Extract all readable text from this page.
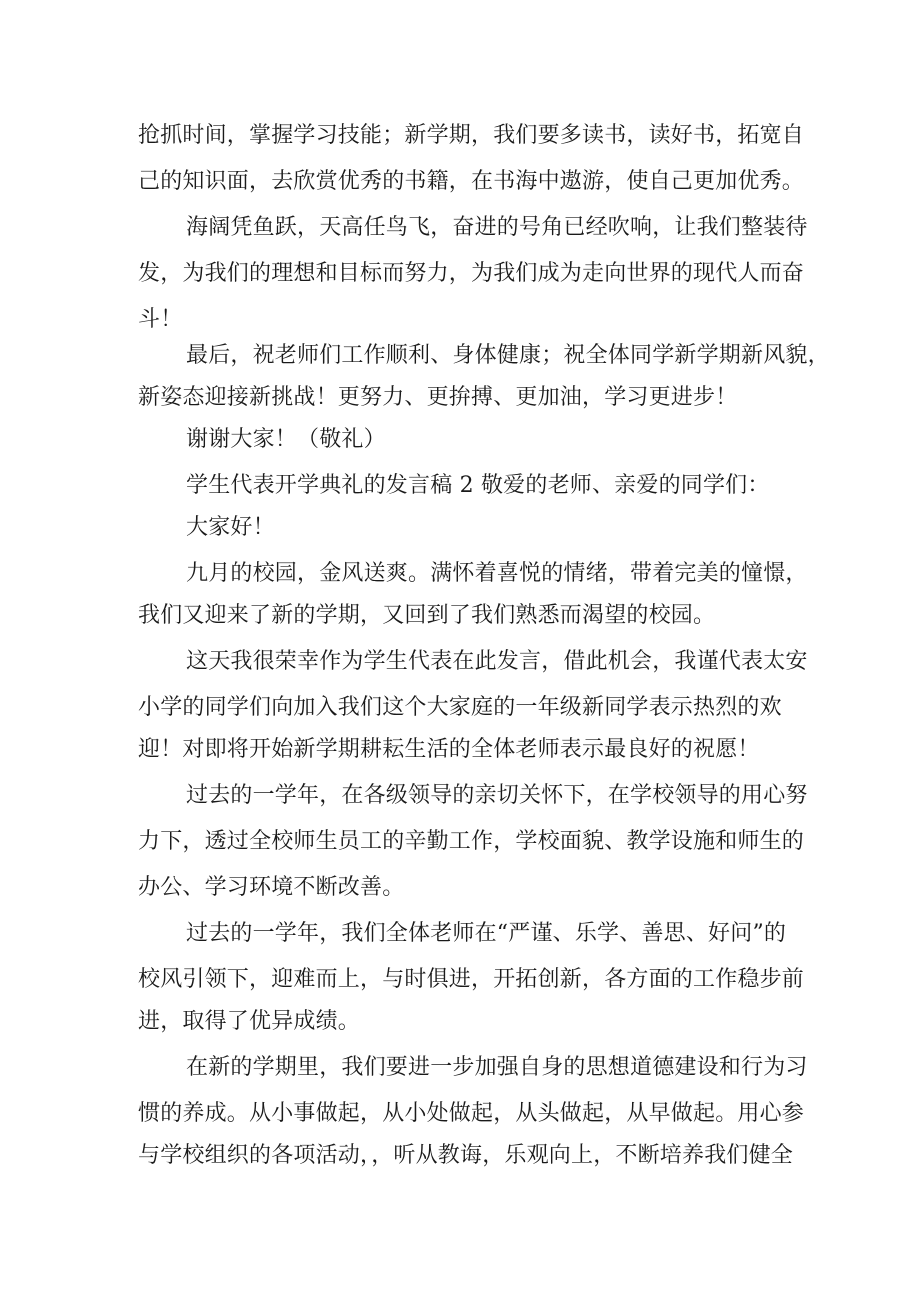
抢抓时间，掌握学习技能；新学期，我们要多读书，读好书，拓宽自
己的知识面，去欣赏优秀的书籍，在书海中遨游，使自己更加优秀。
海阔凭鱼跃，天高任鸟飞，奋进的号角已经吹响，让我们整装待
发，为我们的理想和目标而努力，为我们成为走向世界的现代人而奋
斗！
最后，祝老师们工作顺利、身体健康；祝全体同学新学期新风貌，
新姿态迎接新挑战！更努力、更拚搏、更加油，学习更进步！
谢谢大家！（敬礼）
学生代表开学典礼的发言稿 2 敬爱的老师、亲爱的同学们：
大家好！
九月的校园，金风送爽。满怀着喜悦的情绪，带着完美的憧憬，
我们又迎来了新的学期，又回到了我们熟悉而渴望的校园。
这天我很荣幸作为学生代表在此发言，借此机会，我谨代表太安
小学的同学们向加入我们这个大家庭的一年级新同学表示热烈的欢
迎！对即将开始新学期耕耘生活的全体老师表示最良好的祝愿！
过去的一学年，在各级领导的亲切关怀下，在学校领导的用心努
力下，透过全校师生员工的辛勤工作，学校面貌、教学设施和师生的
办公、学习环境不断改善。
过去的一学年，我们全体老师在“严谨、乐学、善思、好问”的
校风引领下，迎难而上，与时俱进，开拓创新，各方面的工作稳步前
进，取得了优异成绩。
在新的学期里，我们要进一步加强自身的思想道德建设和行为习
惯的养成。从小事做起，从小处做起，从头做起，从早做起。用心参
与学校组织的各项活动，，听从教诲，乐观向上，不断培养我们健全
